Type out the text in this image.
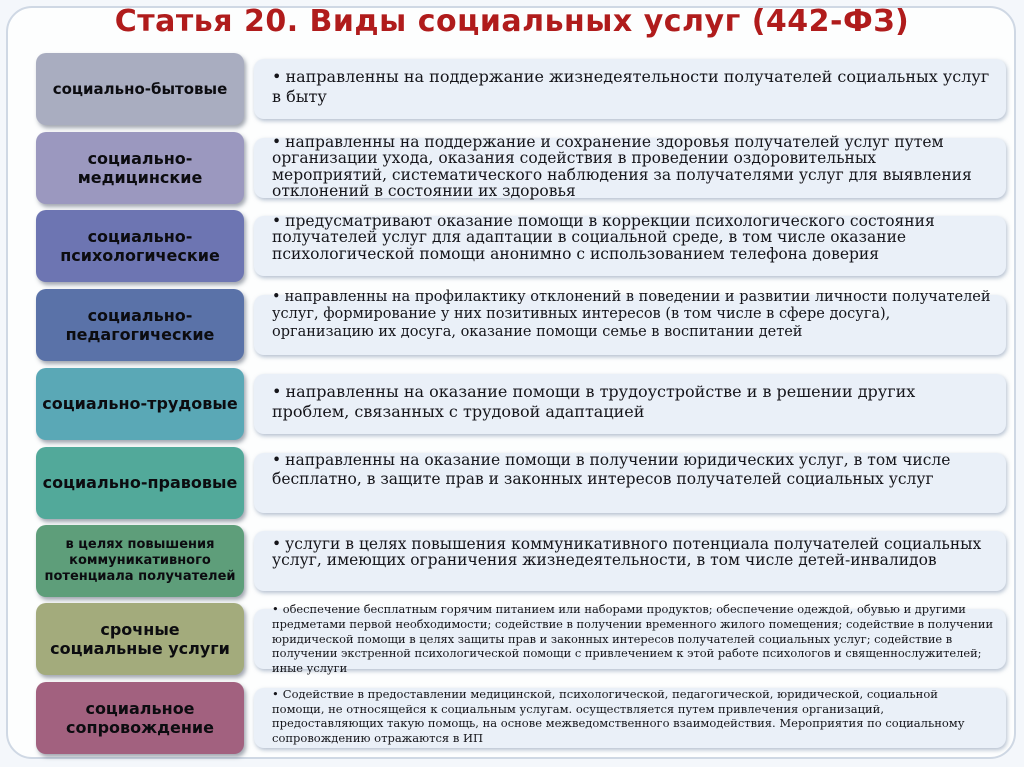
Статья 20. Виды социальных услуг (442-ФЗ)
социально-бытовые
• направленны на поддержание жизнедеятельности получателей социальных услуг в быту
социально-медицинские
• направленны на поддержание и сохранение здоровья получателей услуг путем организации ухода, оказания содействия в проведении оздоровительных мероприятий, систематического наблюдения за получателями услуг для выявления отклонений в состоянии их здоровья
социально-психологические
• предусматривают оказание помощи в коррекции психологического состояния получателей услуг для адаптации в социальной среде, в том числе оказание психологической помощи анонимно с использованием телефона доверия
социально-педагогические
• направленны на профилактику отклонений в поведении и развитии личности получателей услуг, формирование у них позитивных интересов (в том числе в сфере досуга), организацию их досуга, оказание помощи семье в воспитании детей
социально-трудовые
• направленны на оказание помощи в трудоустройстве и в решении других проблем, связанных с трудовой адаптацией
социально-правовые
• направленны на оказание помощи в получении юридических услуг, в том числе бесплатно, в защите прав и законных интересов получателей социальных услуг
в целях повышения коммуникативного потенциала получателей
• услуги в целях повышения коммуникативного потенциала получателей социальных услуг, имеющих ограничения жизнедеятельности, в том числе детей-инвалидов
срочные социальные услуги
• обеспечение бесплатным горячим питанием или наборами продуктов; обеспечение одеждой, обувью и другими предметами первой необходимости; содействие в получении временного жилого помещения; содействие в получении юридической помощи в целях защиты прав и законных интересов получателей социальных услуг; содействие в получении экстренной психологической помощи с привлечением к этой работе психологов и священнослужителей; иные услуги
социальное сопровождение
• Содействие в предоставлении медицинской, психологической, педагогической, юридической, социальной помощи, не относящейся к социальным услугам. осуществляется путем привлечения организаций, предоставляющих такую помощь, на основе межведомственного взаимодействия. Мероприятия по социальному сопровождению отражаются в ИП
